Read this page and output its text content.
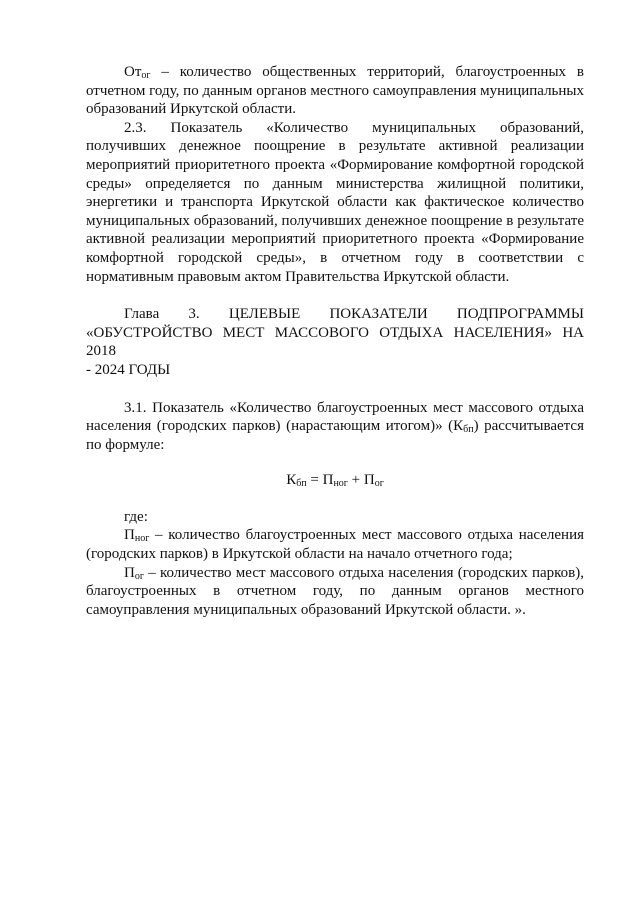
$От_{ог}$ – количество общественных территорий, благоустроенных в отчетном году, по данным органов местного самоуправления муниципальных образований Иркутской области.

2.3. Показатель «Количество муниципальных образований, получивших денежное поощрение в результате активной реализации мероприятий приоритетного проекта «Формирование комфортной городской среды» определяется по данным министерства жилищной политики, энергетики и транспорта Иркутской области как фактическое количество муниципальных образований, получивших денежное поощрение в результате активной реализации мероприятий приоритетного проекта «Формирование комфортной городской среды», в отчетном году в соответствии с нормативным правовым актом Правительства Иркутской области.

Глава 3. ЦЕЛЕВЫЕ ПОКАЗАТЕЛИ ПОДПРОГРАММЫ

«ОБУСТРОЙСТВО МЕСТ МАССОВОГО ОТДЫХА НАСЕЛЕНИЯ» НА 2018

- 2024 ГОДЫ

3.1. Показатель «Количество благоустроенных мест массового отдыха населения (городских парков) (нарастающим итогом)» $(К_{бп})$ рассчитывается по формуле:

$К_{бп} = П_{ног} + П_{ог}$

где:

$П_{ног}$ – количество благоустроенных мест массового отдыха населения (городских парков) в Иркутской области на начало отчетного года;

$П_{ог}$ – количество мест массового отдыха населения (городских парков), благоустроенных в отчетном году, по данным органов местного самоуправления муниципальных образований Иркутской области. ».
